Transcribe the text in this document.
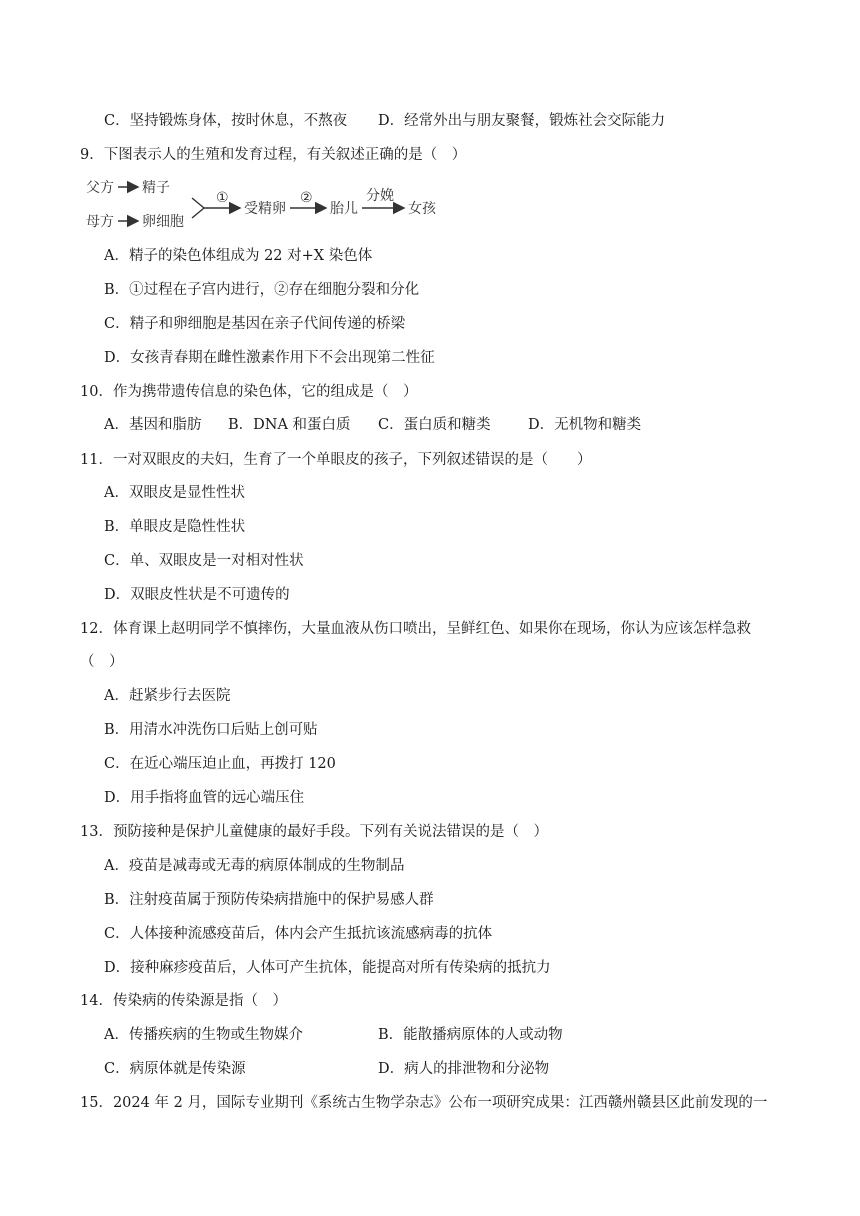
C．坚持锻炼身体，按时休息，不熬夜 D．经常外出与朋友聚餐，锻炼社会交际能力
9．下图表示人的生殖和发育过程，有关叙述正确的是（　）
父方 精子
母方 卵细胞
①
受精卵
②
胎儿
分娩
女孩
A．精子的染色体组成为 22 对+X 染色体
B．①过程在子宫内进行，②存在细胞分裂和分化
C．精子和卵细胞是基因在亲子代间传递的桥梁
D．女孩青春期在雌性激素作用下不会出现第二性征
10．作为携带遗传信息的染色体，它的组成是（　）
A．基因和脂肪 B．DNA 和蛋白质 C．蛋白质和糖类	D．无机物和糖类
11．一对双眼皮的夫妇，生育了一个单眼皮的孩子，下列叙述错误的是（　　）
A．双眼皮是显性性状
B．单眼皮是隐性性状
C．单、双眼皮是一对相对性状
D．双眼皮性状是不可遗传的
12．体育课上赵明同学不慎摔伤，大量血液从伤口喷出，呈鲜红色、如果你在现场，你认为应该怎样急救
（　）
A．赶紧步行去医院
B．用清水冲洗伤口后贴上创可贴
C．在近心端压迫止血，再拨打 120
D．用手指将血管的远心端压住
13．预防接种是保护儿童健康的最好手段。下列有关说法错误的是（　）
A．疫苗是减毒或无毒的病原体制成的生物制品
B．注射疫苗属于预防传染病措施中的保护易感人群
C．人体接种流感疫苗后，体内会产生抵抗该流感病毒的抗体
D．接种麻疹疫苗后，人体可产生抗体，能提高对所有传染病的抵抗力
14．传染病的传染源是指（　）
A．传播疾病的生物或生物媒介	B．能散播病原体的人或动物
C．病原体就是传染源	D．病人的排泄物和分泌物
15．2024 年 2 月，国际专业期刊《系统古生物学杂志》公布一项研究成果：江西赣州赣县区此前发现的一
